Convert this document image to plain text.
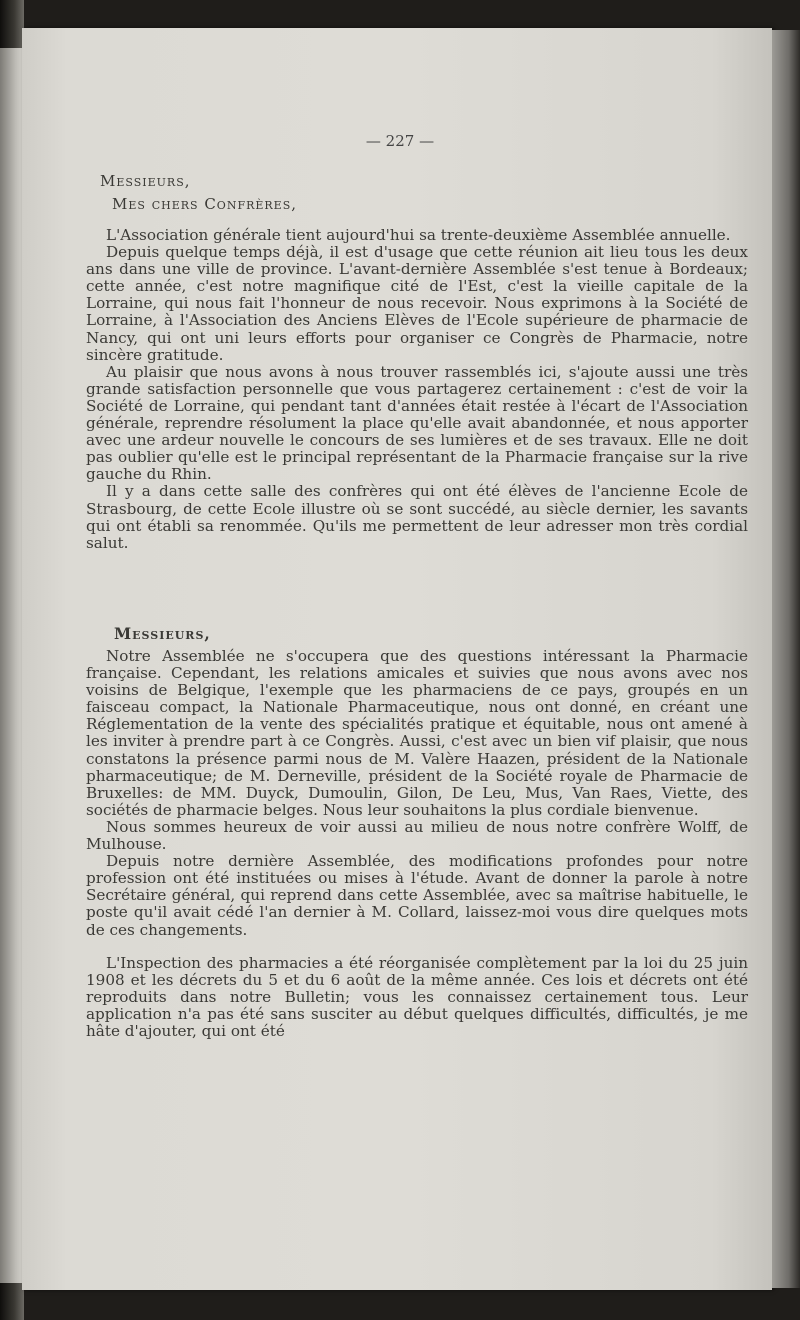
— 227 —
Messieurs,
Mes chers Confrères,

L'Association générale tient aujourd'hui sa trente-deuxième Assemblée annuelle.

Depuis quelque temps déjà, il est d'usage que cette réunion ait lieu tous les deux ans dans une ville de province. L'avant-dernière Assemblée s'est tenue à Bordeaux; cette année, c'est notre magnifique cité de l'Est, c'est la vieille capitale de la Lorraine, qui nous fait l'honneur de nous recevoir. Nous exprimons à la Société de Lorraine, à l'Association des Anciens Elèves de l'Ecole supérieure de pharmacie de Nancy, qui ont uni leurs efforts pour organiser ce Congrès de Pharmacie, notre sincère gratitude.

Au plaisir que nous avons à nous trouver rassemblés ici, s'ajoute aussi une très grande satisfaction personnelle que vous partagerez certainement : c'est de voir la Société de Lorraine, qui pendant tant d'années était restée à l'écart de l'Association générale, reprendre résolument la place qu'elle avait abandonnée, et nous apporter avec une ardeur nouvelle le concours de ses lumières et de ses travaux. Elle ne doit pas oublier qu'elle est le principal représentant de la Pharmacie française sur la rive gauche du Rhin.

Il y a dans cette salle des confrères qui ont été élèves de l'ancienne Ecole de Strasbourg, de cette Ecole illustre où se sont succédé, au siècle dernier, les savants qui ont établi sa renommée. Qu'ils me permettent de leur adresser mon très cordial salut.

Messieurs,

Notre Assemblée ne s'occupera que des questions intéressant la Pharmacie française. Cependant, les relations amicales et suivies que nous avons avec nos voisins de Belgique, l'exemple que les pharmaciens de ce pays, groupés en un faisceau compact, la Nationale Pharmaceutique, nous ont donné, en créant une Réglementation de la vente des spécialités pratique et équitable, nous ont amené à les inviter à prendre part à ce Congrès. Aussi, c'est avec un bien vif plaisir, que nous constatons la présence parmi nous de M. Valère Haazen, président de la Nationale pharmaceutique; de M. Derneville, président de la Société royale de Pharmacie de Bruxelles: de MM. Duyck, Dumoulin, Gilon, De Leu, Mus, Van Raes, Viette, des sociétés de pharmacie belges. Nous leur souhaitons la plus cordiale bienvenue.

Nous sommes heureux de voir aussi au milieu de nous notre confrère Wolff, de Mulhouse.

Depuis notre dernière Assemblée, des modifications profondes pour notre profession ont été instituées ou mises à l'étude. Avant de donner la parole à notre Secrétaire général, qui reprend dans cette Assemblée, avec sa maîtrise habituelle, le poste qu'il avait cédé l'an dernier à M. Collard, laissez-moi vous dire quelques mots de ces changements.

L'Inspection des pharmacies a été réorganisée complètement par la loi du 25 juin 1908 et les décrets du 5 et du 6 août de la même année. Ces lois et décrets ont été reproduits dans notre Bulletin; vous les connaissez certainement tous. Leur application n'a pas été sans susciter au début quelques difficultés, difficultés, je me hâte d'ajouter, qui ont été
